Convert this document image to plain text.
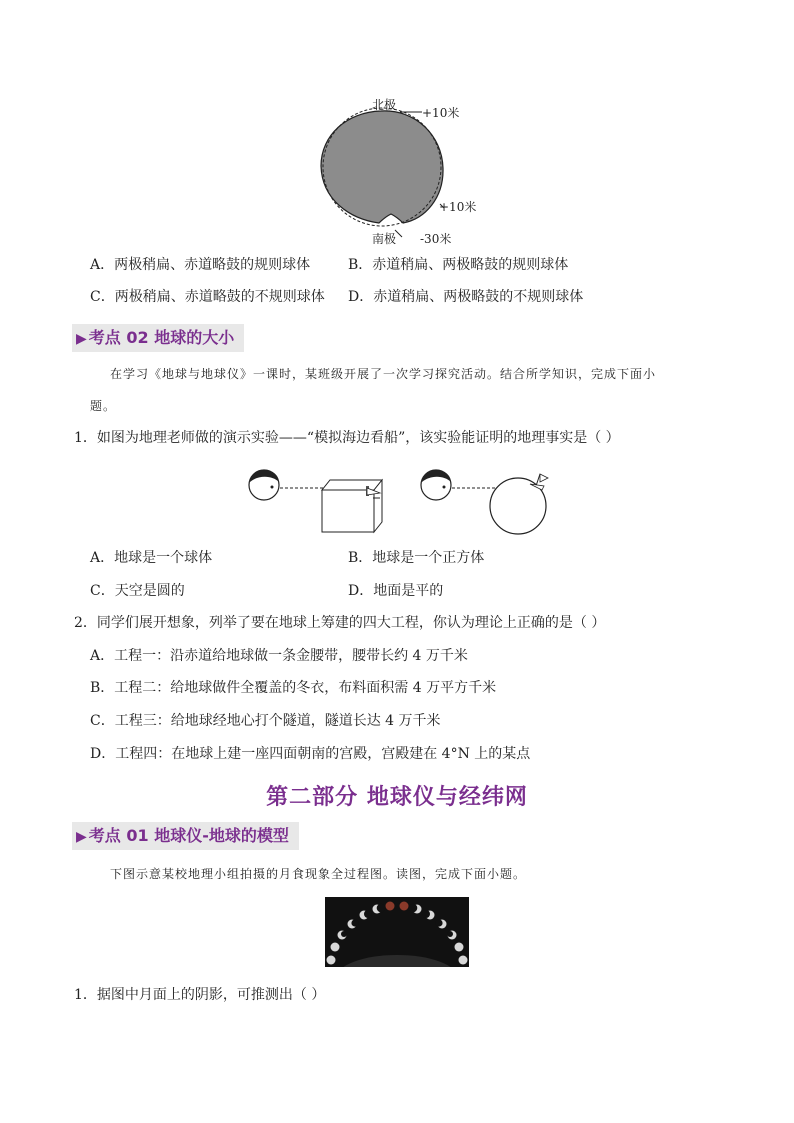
北极
+10米
+10米
南极 -30米
A．两极稍扁、赤道略鼓的规则球体	B．赤道稍扁、两极略鼓的规则球体
C．两极稍扁、赤道略鼓的不规则球体 D．赤道稍扁、两极略鼓的不规则球体
▶ 考点 02 地球的大小
在学习《地球与地球仪》一课时，某班级开展了一次学习探究活动。结合所学知识，完成下面小
题。
1．如图为地理老师做的演示实验——“模拟海边看船”，该实验能证明的地理事实是（ ）
A．地球是一个球体	B．地球是一个正方体
C．天空是圆的	D．地面是平的
2．同学们展开想象，列举了要在地球上筹建的四大工程，你认为理论上正确的是（ ）
A．工程一：沿赤道给地球做一条金腰带，腰带长约 4 万千米
B．工程二：给地球做件全覆盖的冬衣，布料面积需 4 万平方千米
C．工程三：给地球经地心打个隧道，隧道长达 4 万千米
D．工程四：在地球上建一座四面朝南的宫殿，宫殿建在 4°N 上的某点
第二部分 地球仪与经纬网
▶ 考点 01 地球仪-地球的模型
下图示意某校地理小组拍摄的月食现象全过程图。读图，完成下面小题。
1．据图中月面上的阴影，可推测出（ ）
